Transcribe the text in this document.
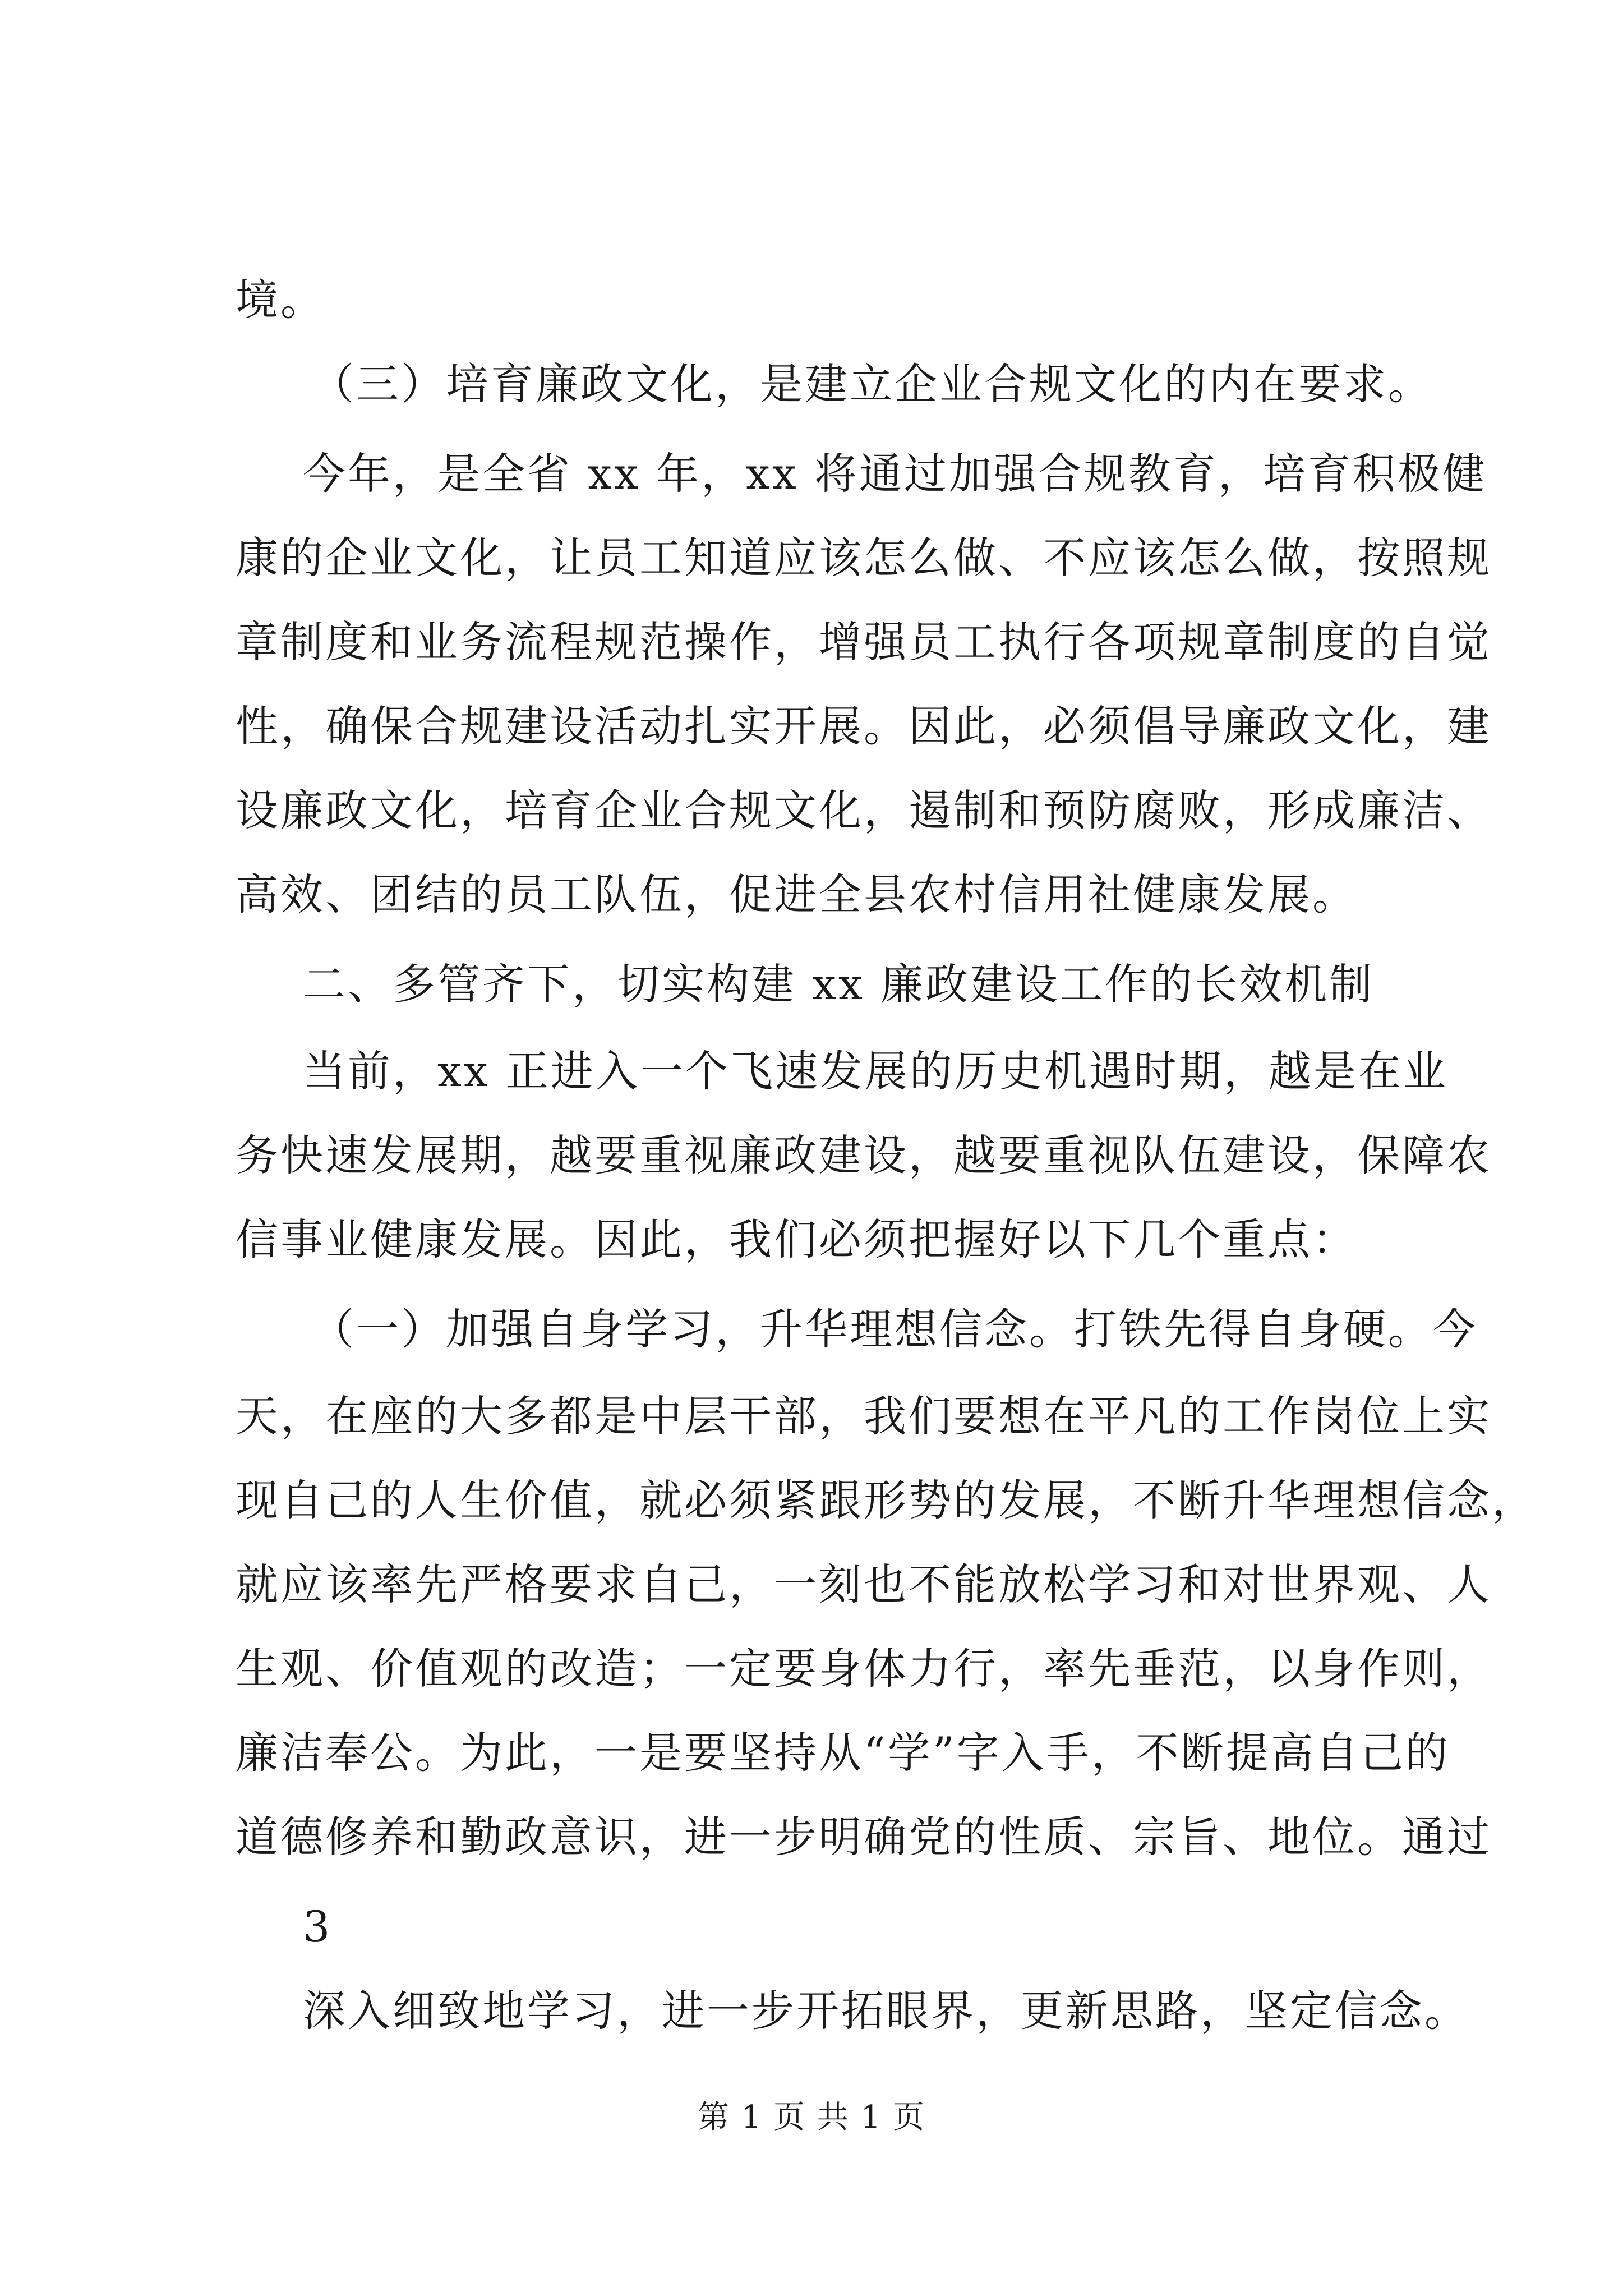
境。
（三）培育廉政文化，是建立企业合规文化的内在要求。
今年，是全省 xx 年，xx 将通过加强合规教育，培育积极健
康的企业文化，让员工知道应该怎么做、不应该怎么做，按照规
章制度和业务流程规范操作，增强员工执行各项规章制度的自觉
性，确保合规建设活动扎实开展。因此，必须倡导廉政文化，建
设廉政文化，培育企业合规文化，遏制和预防腐败，形成廉洁、
高效、团结的员工队伍，促进全县农村信用社健康发展。
二、多管齐下，切实构建 xx 廉政建设工作的长效机制
当前，xx 正进入一个飞速发展的历史机遇时期，越是在业
务快速发展期，越要重视廉政建设，越要重视队伍建设，保障农
信事业健康发展。因此，我们必须把握好以下几个重点：
（一）加强自身学习，升华理想信念。打铁先得自身硬。今
天，在座的大多都是中层干部，我们要想在平凡的工作岗位上实
现自己的人生价值，就必须紧跟形势的发展，不断升华理想信念，
就应该率先严格要求自己，一刻也不能放松学习和对世界观、人
生观、价值观的改造；一定要身体力行，率先垂范，以身作则，
廉洁奉公。为此，一是要坚持从“学”字入手，不断提高自己的
道德修养和勤政意识，进一步明确党的性质、宗旨、地位。通过
3
深入细致地学习，进一步开拓眼界，更新思路，坚定信念。
第 1 页 共 1 页
